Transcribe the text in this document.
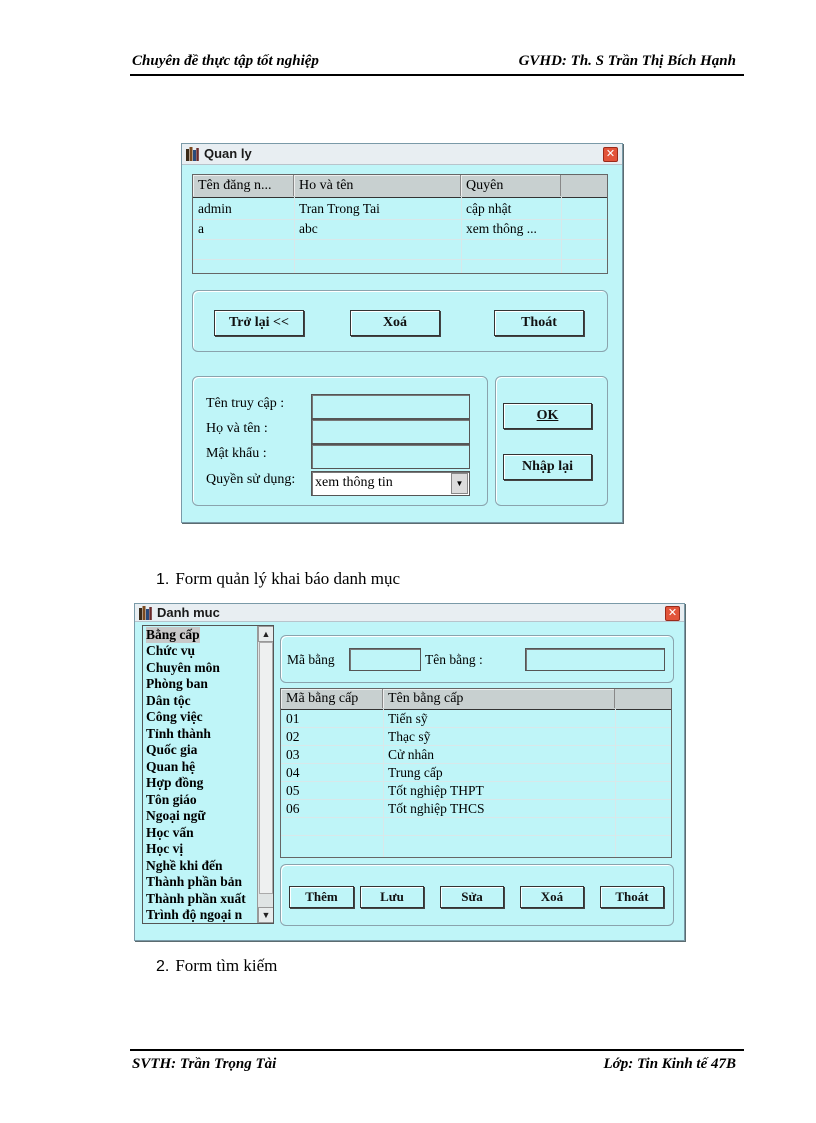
Chuyên đề thực tập tốt nghiệp	GVHD: Th. S Trần Thị Bích Hạnh
Quan ly	✕
Tên đăng n...	Ho và tên	Quyên
admin	Tran Trong Tai	cập nhật
a	abc	xem thông ...
Trở lại <<	Xoá	Thoát
Tên truy cập :
Họ và tên :
Mật khẩu :
Quyền sử dụng: xem thông tin	▼
OK
Nhập lại
1. Form quản lý khai báo danh mục
Danh muc	✕
Bằng cấp
Chức vụ
Chuyên môn
Phòng ban
Dân tộc
Công việc
Tỉnh thành
Quốc gia
Quan hệ
Hợp đồng
Tôn giáo
Ngoại ngữ
Học vấn
Học vị
Nghề khi đến
Thành phần bản
Thành phần xuất
Trình độ ngoại n
▲
▼
Mã bằng	Tên bằng :
Mã bằng cấp	Tên bằng cấp
01	Tiến sỹ
02	Thạc sỹ
03	Cử nhân
04	Trung cấp
05	Tốt nghiệp THPT
06	Tốt nghiệp THCS
Thêm	Lưu	Sửa	Xoá	Thoát
2. Form tìm kiếm
SVTH: Trần Trọng Tài	Lớp: Tin Kinh tế 47B
